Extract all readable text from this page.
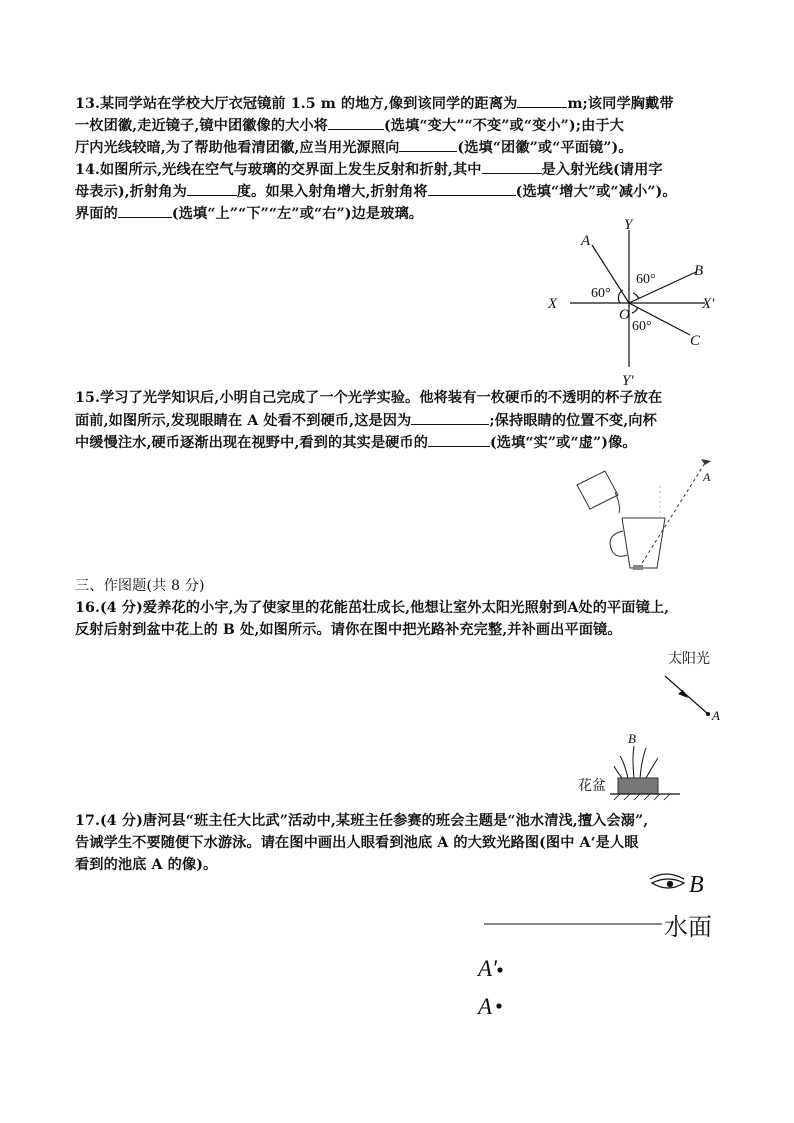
13.某同学站在学校大厅衣冠镜前 1.5 m 的地方,像到该同学的距离为	m;该同学胸戴带
一枚团徽,走近镜子,镜中团徽像的大小将	(选填“变大”“不变”或“变小”);由于大
厅内光线较暗,为了帮助他看清团徽,应当用光源照向	(选填“团徽”或“平面镜”)。
14.如图所示,光线在空气与玻璃的交界面上发生反射和折射,其中	是入射光线(请用字
母表示),折射角为	度。如果入射角增大,折射角将	(选填“增大”或“减小”)。
界面的	(选填“上”“下”“左”或“右”)边是玻璃。
Y
Y′
X	X′
O
A
B
C
60°
60°
60°
15.学习了光学知识后,小明自己完成了一个光学实验。他将装有一枚硬币的不透明的杯子放在
面前,如图所示,发现眼睛在 A 处看不到硬币,这是因为	;保持眼睛的位置不变,向杯
中缓慢注水,硬币逐渐出现在视野中,看到的其实是硬币的	(选填“实”或“虚”)像。
A
三、作图题(共 8 分)
16.(4 分)爱养花的小宇,为了使家里的花能茁壮成长,他想让室外太阳光照射到A处的平面镜上,
反射后射到盆中花上的 B 处,如图所示。请你在图中把光路补充完整,并补画出平面镜。
太阳光
A
B
花盆
17.(4 分)唐河县“班主任大比武”活动中,某班主任参赛的班会主题是“池水清浅,擅入会溺”,
告诫学生不要随便下水游泳。请在图中画出人眼看到池底 A 的大致光路图(图中 A‘是人眼
看到的池底 A 的像)。
B
水面
A′
A
